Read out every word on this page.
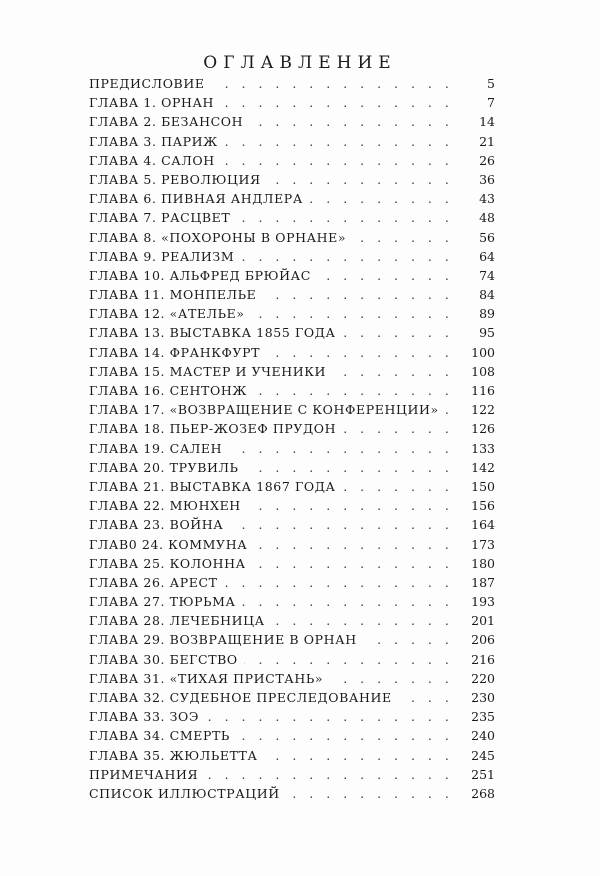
ОГЛАВЛЕНИЕ
. . .
ПРЕДИСЛОВИЕ	5
. . .
ГЛАВА 1. ОРНАН	7
. . .
ГЛАВА 2. БЕЗАНСОН	14
. . .
ГЛАВА 3. ПАРИЖ	21
. . .
ГЛАВА 4. САЛОН	26
. . .
ГЛАВА 5. РЕВОЛЮЦИЯ	36
. . .
ГЛАВА 6. ПИВНАЯ АНДЛЕРА	43
. . .
ГЛАВА 7. РАСЦВЕТ	48
. . .
ГЛАВА 8. «ПОХОРОНЫ В ОРНАНЕ»	56
. . .
ГЛАВА 9. РЕАЛИЗМ	64
. . .
ГЛАВА 10. АЛЬФРЕД БРЮЙАС	74
. . .
ГЛАВА 11. МОНПЕЛЬЕ	84
. . .
ГЛАВА 12. «АТЕЛЬЕ»	89
. . .
ГЛАВА 13. ВЫСТАВКА 1855 ГОДА	95
. . .
ГЛАВА 14. ФРАНКФУРТ	100
. . .
ГЛАВА 15. МАСТЕР И УЧЕНИКИ	108
. . .
ГЛАВА 16. СЕНТОНЖ	116
. . .
ГЛАВА 17. «ВОЗВРАЩЕНИЕ С КОНФЕРЕНЦИИ»	122
. . .
ГЛАВА 18. ПЬЕР-ЖОЗЕФ ПРУДОН	126
. . .
ГЛАВА 19. САЛЕН	133
. . .
ГЛАВА 20. ТРУВИЛЬ	142
. . .
ГЛАВА 21. ВЫСТАВКА 1867 ГОДА	150
. . .
ГЛАВА 22. МЮНХЕН	156
. . .
ГЛАВА 23. ВОЙНА	164
. . .
ГЛАВ0 24. КОММУНА	173
. . .
ГЛАВА 25. КОЛОННА	180
. . .
ГЛАВА 26. АРЕСТ	187
. . .
ГЛАВА 27. ТЮРЬМА	193
. . .
ГЛАВА 28. ЛЕЧЕБНИЦА	201
. . .
ГЛАВА 29. ВОЗВРАЩЕНИЕ В ОРНАН	206
. . .
ГЛАВА 30. БЕГСТВО	216
. . .
ГЛАВА 31. «ТИХАЯ ПРИСТАНЬ»	220
. . .
ГЛАВА 32. СУДЕБНОЕ ПРЕСЛЕДОВАНИЕ	230
. . .
ГЛАВА 33. ЗОЭ	235
. . .
ГЛАВА 34. СМЕРТЬ	240
. . .
ГЛАВА 35. ЖЮЛЬЕТТА	245
. . .
ПРИМЕЧАНИЯ	251
. . .
СПИСОК ИЛЛЮСТРАЦИЙ	268
